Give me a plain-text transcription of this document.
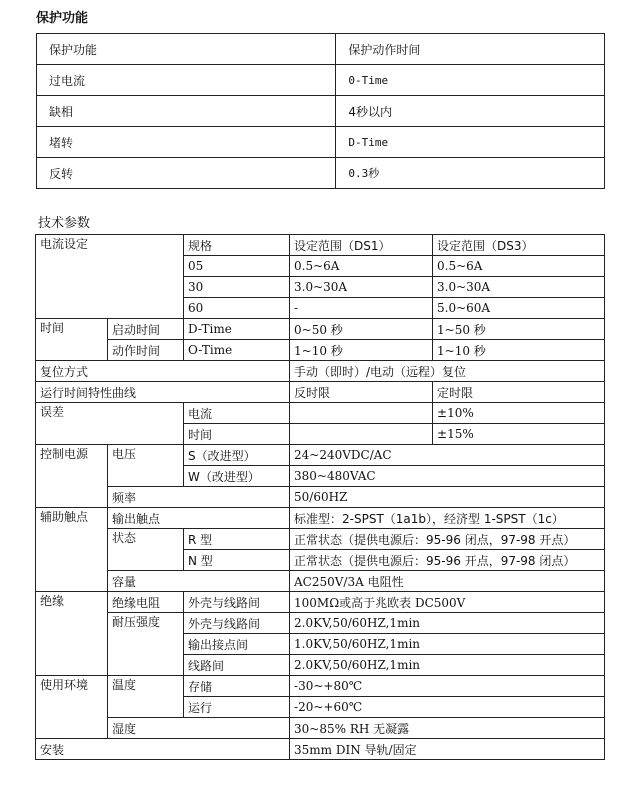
保护功能
保护功能	保护动作时间
过电流	0-Time
缺相	4秒以内
堵转	D-Time
反转	0.3秒
技术参数
电流设定		规格	设定范围（DS1）	设定范围（DS3）
		05	0.5~6A	0.5~6A
		30	3.0~30A	3.0~30A
		60	-	5.0~60A
时间	启动时间	D-Time	0~50 秒	1~50 秒
	动作时间	O-Time	1~10 秒	1~10 秒
复位方式			手动（即时）/电动（远程）复位	
运行时间特性曲线			反时限	定时限
误差		电流		±10%
		时间		±15%
控制电源	电压	S（改进型）	24~240VDC/AC	
		W（改进型）	380~480VAC	
	频率		50/60HZ	
辅助触点	输出触点		标准型：2-SPST（1a1b），经济型 1-SPST（1c）	
	状态	R 型	正常状态（提供电源后：95-96 闭点，97-98 开点）	
		N 型	正常状态（提供电源后：95-96 开点，97-98 闭点）	
	容量		AC250V/3A 电阻性	
绝缘	绝缘电阻	外壳与线路间	100MΩ或高于兆欧表 DC500V	
	耐压强度	外壳与线路间	2.0KV,50/60HZ,1min	
		输出接点间	1.0KV,50/60HZ,1min	
		线路间	2.0KV,50/60HZ,1min	
使用环境	温度	存储	-30~+80℃	
		运行	-20~+60℃	
	湿度		30~85% RH 无凝露	
安装			35mm DIN 导轨/固定	
